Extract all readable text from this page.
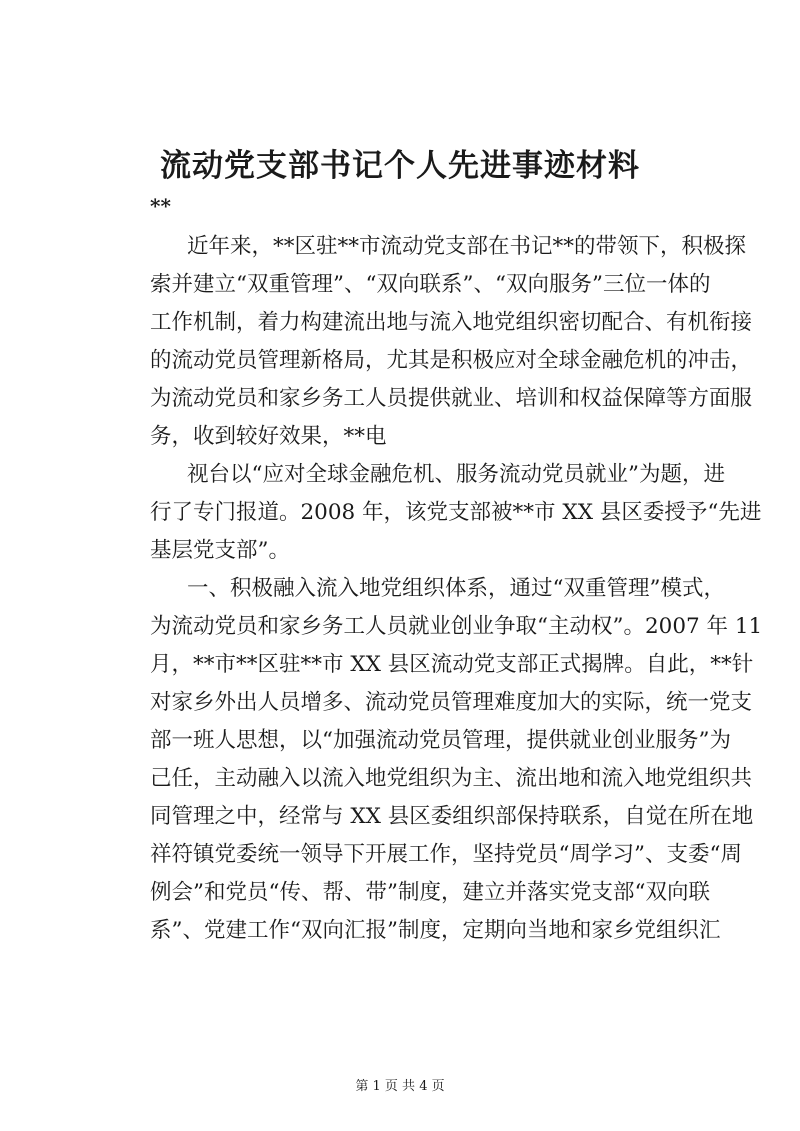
流动党支部书记个人先进事迹材料
**
近年来，**区驻**市流动党支部在书记**的带领下，积极探
索并建立“双重管理”、“双向联系”、“双向服务”三位一体的
工作机制，着力构建流出地与流入地党组织密切配合、有机衔接
的流动党员管理新格局，尤其是积极应对全球金融危机的冲击，
为流动党员和家乡务工人员提供就业、培训和权益保障等方面服
务，收到较好效果，**电
视台以“应对全球金融危机、服务流动党员就业”为题，进
行了专门报道。2008 年，该党支部被**市 XX 县区委授予“先进
基层党支部”。
一、积极融入流入地党组织体系，通过“双重管理”模式，
为流动党员和家乡务工人员就业创业争取“主动权”。2007 年 11
月，**市**区驻**市 XX 县区流动党支部正式揭牌。自此，**针
对家乡外出人员增多、流动党员管理难度加大的实际，统一党支
部一班人思想，以“加强流动党员管理，提供就业创业服务”为
己任，主动融入以流入地党组织为主、流出地和流入地党组织共
同管理之中，经常与 XX 县区委组织部保持联系，自觉在所在地
祥符镇党委统一领导下开展工作，坚持党员“周学习”、支委“周
例会”和党员“传、帮、带”制度，建立并落实党支部“双向联
系”、党建工作“双向汇报”制度，定期向当地和家乡党组织汇
第 1 页 共 4 页
